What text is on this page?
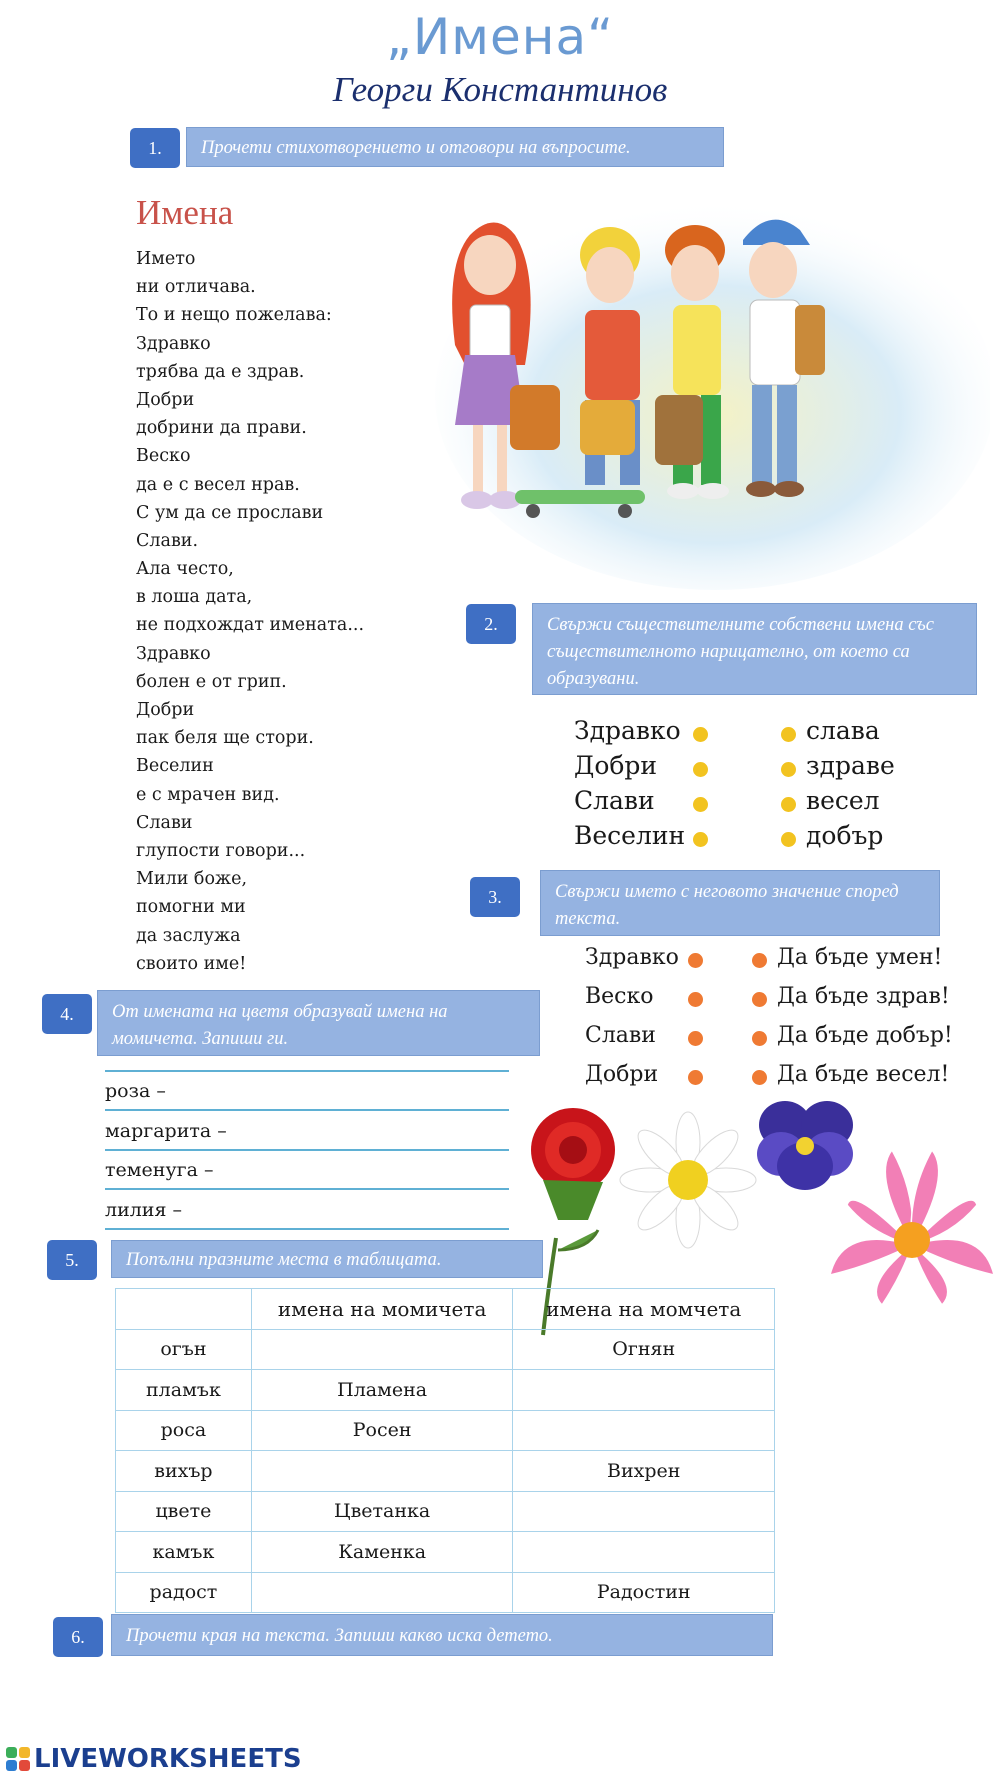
„Имена“
Георги Константинов
1.	Прочети стихотворението и отговори на въпросите.
Имена
Името
ни отличава.
То и нещо пожелава:
Здравко
трябва да е здрав.
Добри
добрини да прави.
Веско
да е с весел нрав.
С ум да се прослави
Слави.
Ала често,
в лоша дата,
не подхождат имената...
Здравко
болен е от грип.
Добри
пак беля ще стори.
Веселин
е с мрачен вид.
Слави
глупости говори...
Мили боже,
помогни ми
да заслужа
своито име!
2.	Свържи съществителните собствени имена със съществителното нарицателно, от което са образувани.
Здравко
Добри
Слави
Веселин
слава
здраве
весел
добър
3.	Свържи името с неговото значение според текста.
Здравко
Веско
Слави
Добри
Да бъде умен!
Да бъде здрав!
Да бъде добър!
Да бъде весел!
4.	От имената на цветя образувай имена на момичета. Запиши ги.
роза –
маргарита –
теменуга –
лилия –
5.	Попълни празните места в таблицата.
	имена на момичета	имена на момчета
огън		Огнян
пламък	Пламена	
роса	Росен	
вихър		Вихрен
цвете	Цветанка	
камък	Каменка	
радост		Радостин
6.	Прочети края на текста. Запиши какво иска детето.
LIVEWORKSHEETS
